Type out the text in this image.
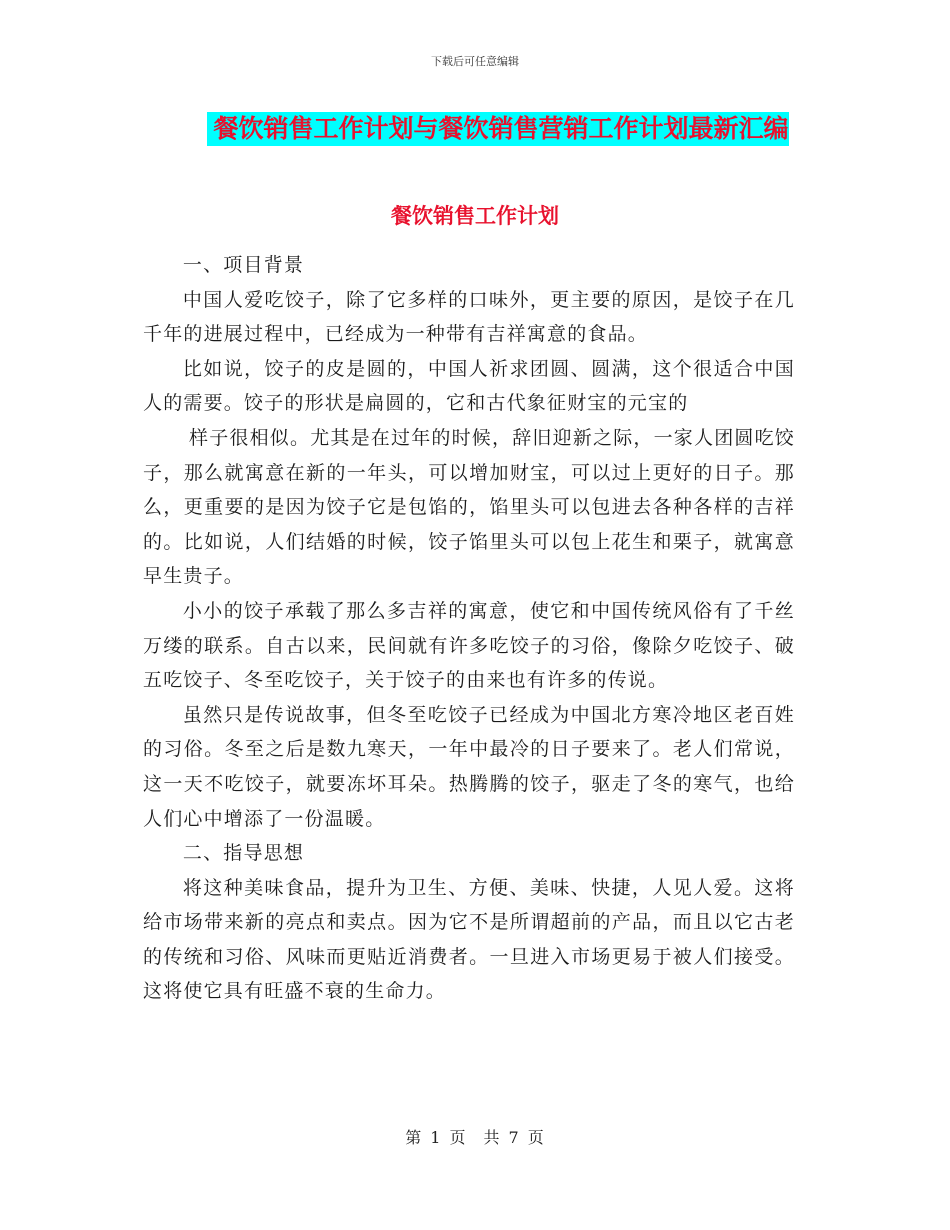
下载后可任意编辑
餐饮销售工作计划与餐饮销售营销工作计划最新汇编
餐饮销售工作计划

一、项目背景

中国人爱吃饺子，除了它多样的口味外，更主要的原因，是饺子在几千年的进展过程中，已经成为一种带有吉祥寓意的食品。

比如说，饺子的皮是圆的，中国人祈求团圆、圆满，这个很适合中国人的需要。饺子的形状是扁圆的，它和古代象征财宝的元宝的

样子很相似。尤其是在过年的时候，辞旧迎新之际，一家人团圆吃饺子，那么就寓意在新的一年头，可以增加财宝，可以过上更好的日子。那么，更重要的是因为饺子它是包馅的，馅里头可以包进去各种各样的吉祥的。比如说，人们结婚的时候，饺子馅里头可以包上花生和栗子，就寓意早生贵子。

小小的饺子承载了那么多吉祥的寓意，使它和中国传统风俗有了千丝万缕的联系。自古以来，民间就有许多吃饺子的习俗，像除夕吃饺子、破五吃饺子、冬至吃饺子，关于饺子的由来也有许多的传说。

虽然只是传说故事，但冬至吃饺子已经成为中国北方寒冷地区老百姓的习俗。冬至之后是数九寒天，一年中最冷的日子要来了。老人们常说，这一天不吃饺子，就要冻坏耳朵。热腾腾的饺子，驱走了冬的寒气，也给人们心中增添了一份温暖。

二、指导思想

将这种美味食品，提升为卫生、方便、美味、快捷，人见人爱。这将给市场带来新的亮点和卖点。因为它不是所谓超前的产品，而且以它古老的传统和习俗、风味而更贴近消费者。一旦进入市场更易于被人们接受。这将使它具有旺盛不衰的生命力。

第 1 页　共 7 页
